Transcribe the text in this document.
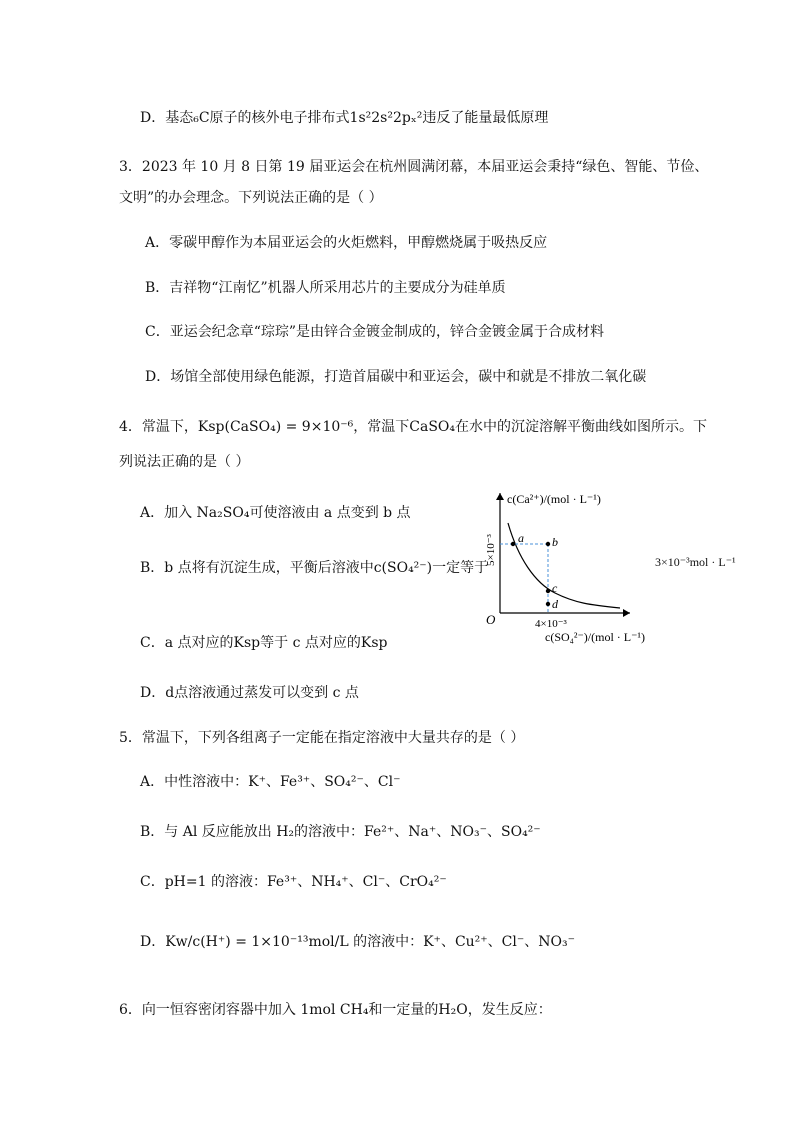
D．基态₆C原子的核外电子排布式1s²2s²2pₓ²违反了能量最低原理
3．2023 年 10 月 8 日第 19 届亚运会在杭州圆满闭幕，本届亚运会秉持“绿色、智能、节俭、
文明”的办会理念。下列说法正确的是（ ）
A．零碳甲醇作为本届亚运会的火炬燃料，甲醇燃烧属于吸热反应
B．吉祥物“江南忆”机器人所采用芯片的主要成分为硅单质
C．亚运会纪念章“琮琮”是由锌合金镀金制成的，锌合金镀金属于合成材料
D．场馆全部使用绿色能源，打造首届碳中和亚运会，碳中和就是不排放二氧化碳
4．常温下，Ksp(CaSO₄) = 9×10⁻⁶，常温下CaSO₄在水中的沉淀溶解平衡曲线如图所示。下
列说法正确的是（ ）
A．加入 Na₂SO₄可使溶液由 a 点变到 b 点
B．b 点将有沉淀生成，平衡后溶液中c(SO₄²⁻)一定等于	3×10⁻³mol · L⁻¹
C．a 点对应的Ksp等于 c 点对应的Ksp
D．d点溶液通过蒸发可以变到 c 点
a b
c
d
O
c(Ca²⁺)/(mol · L⁻¹)
c(SO₄²⁻)/(mol · L⁻¹)
4×10⁻³
5×10⁻³
5．常温下，下列各组离子一定能在指定溶液中大量共存的是（ ）
A．中性溶液中：K⁺、Fe³⁺、SO₄²⁻、Cl⁻
B．与 Al 反应能放出 H₂的溶液中：Fe²⁺、Na⁺、NO₃⁻、SO₄²⁻
C．pH=1 的溶液：Fe³⁺、NH₄⁺、Cl⁻、CrO₄²⁻
D．Kw/c(H⁺) = 1×10⁻¹³mol/L 的溶液中：K⁺、Cu²⁺、Cl⁻、NO₃⁻
6．向一恒容密闭容器中加入 1mol CH₄和一定量的H₂O，发生反应：
